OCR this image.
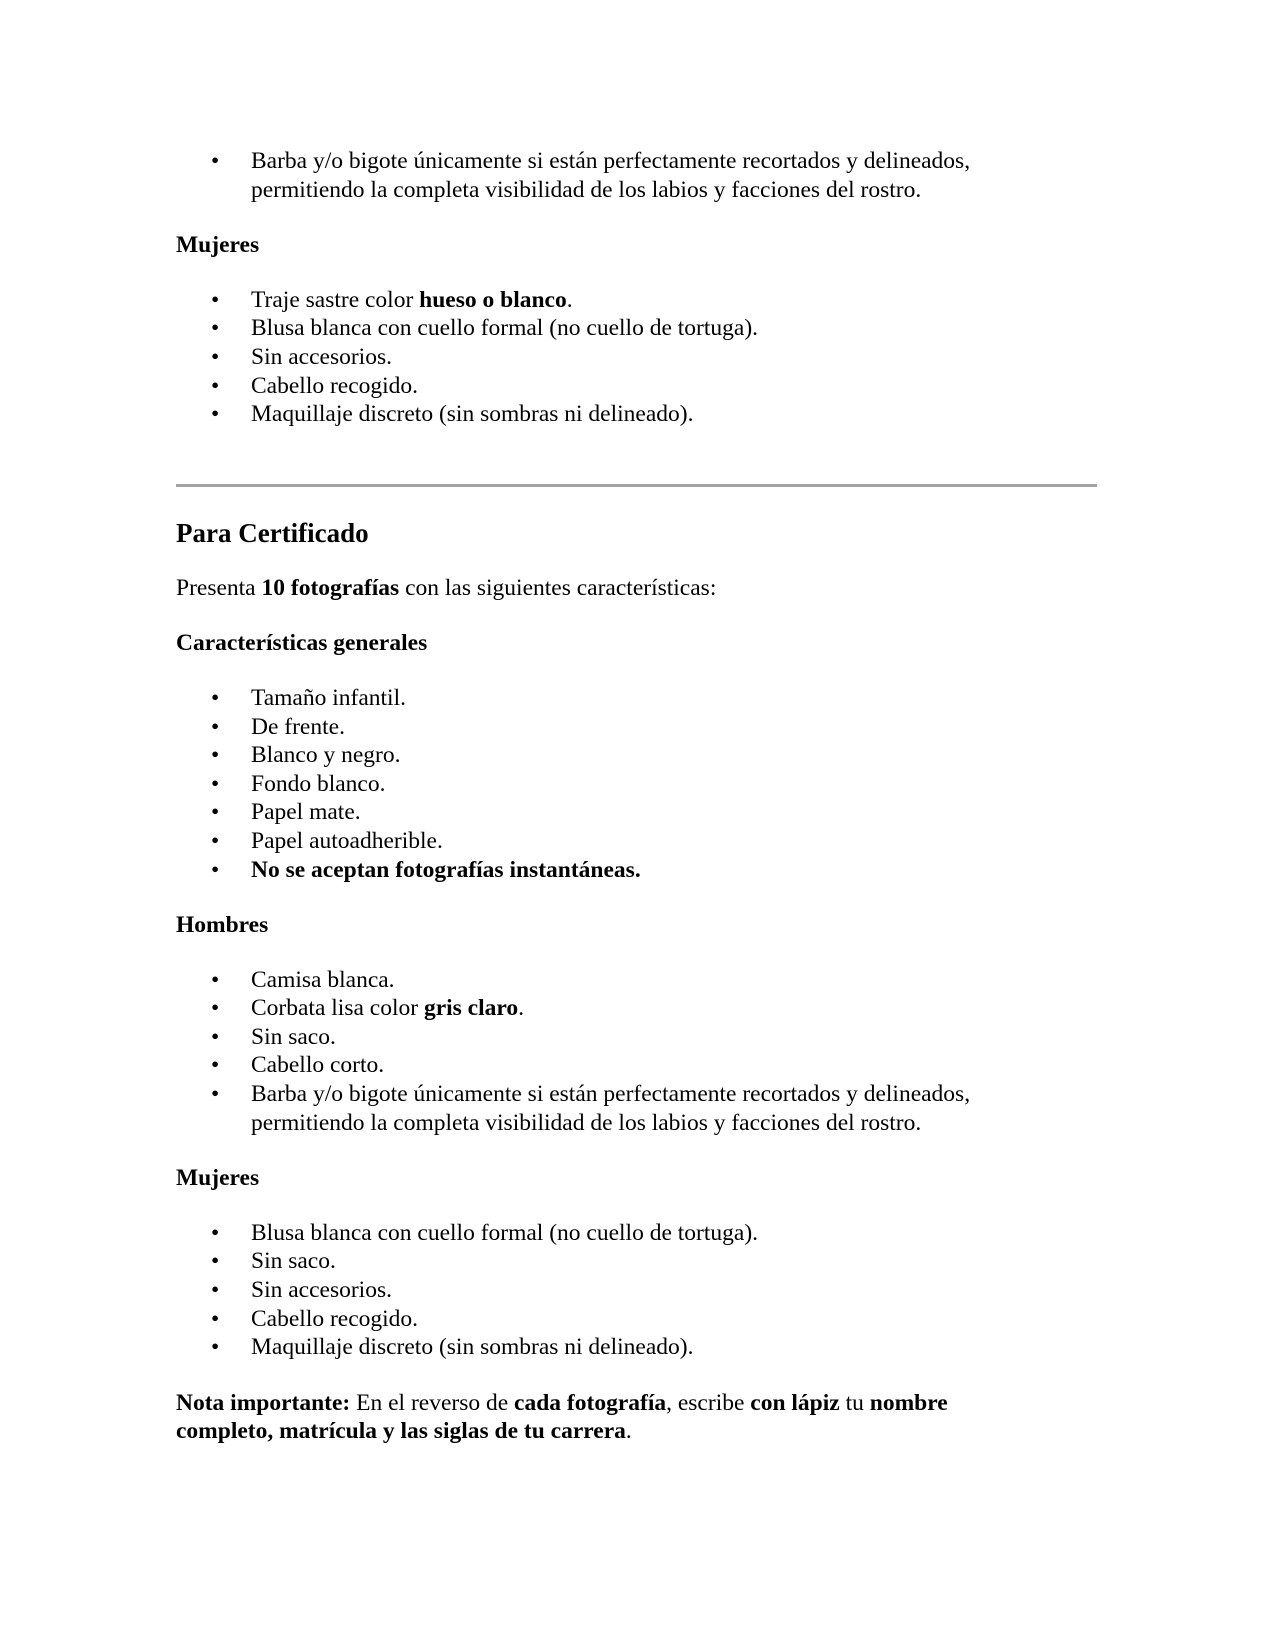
• Barba y/o bigote únicamente si están perfectamente recortados y delineados,
permitiendo la completa visibilidad de los labios y facciones del rostro.

Mujeres

• Traje sastre color hueso o blanco.
• Blusa blanca con cuello formal (no cuello de tortuga).
• Sin accesorios.
• Cabello recogido.
• Maquillaje discreto (sin sombras ni delineado).
Para Certificado

Presenta 10 fotografías con las siguientes características:

Características generales

• Tamaño infantil.
• De frente.
• Blanco y negro.
• Fondo blanco.
• Papel mate.
• Papel autoadherible.
• No se aceptan fotografías instantáneas.

Hombres

• Camisa blanca.
• Corbata lisa color gris claro.
• Sin saco.
• Cabello corto.
• Barba y/o bigote únicamente si están perfectamente recortados y delineados,
permitiendo la completa visibilidad de los labios y facciones del rostro.

Mujeres

• Blusa blanca con cuello formal (no cuello de tortuga).
• Sin saco.
• Sin accesorios.
• Cabello recogido.
• Maquillaje discreto (sin sombras ni delineado).

Nota importante: En el reverso de cada fotografía, escribe con lápiz tu nombre
completo, matrícula y las siglas de tu carrera.
